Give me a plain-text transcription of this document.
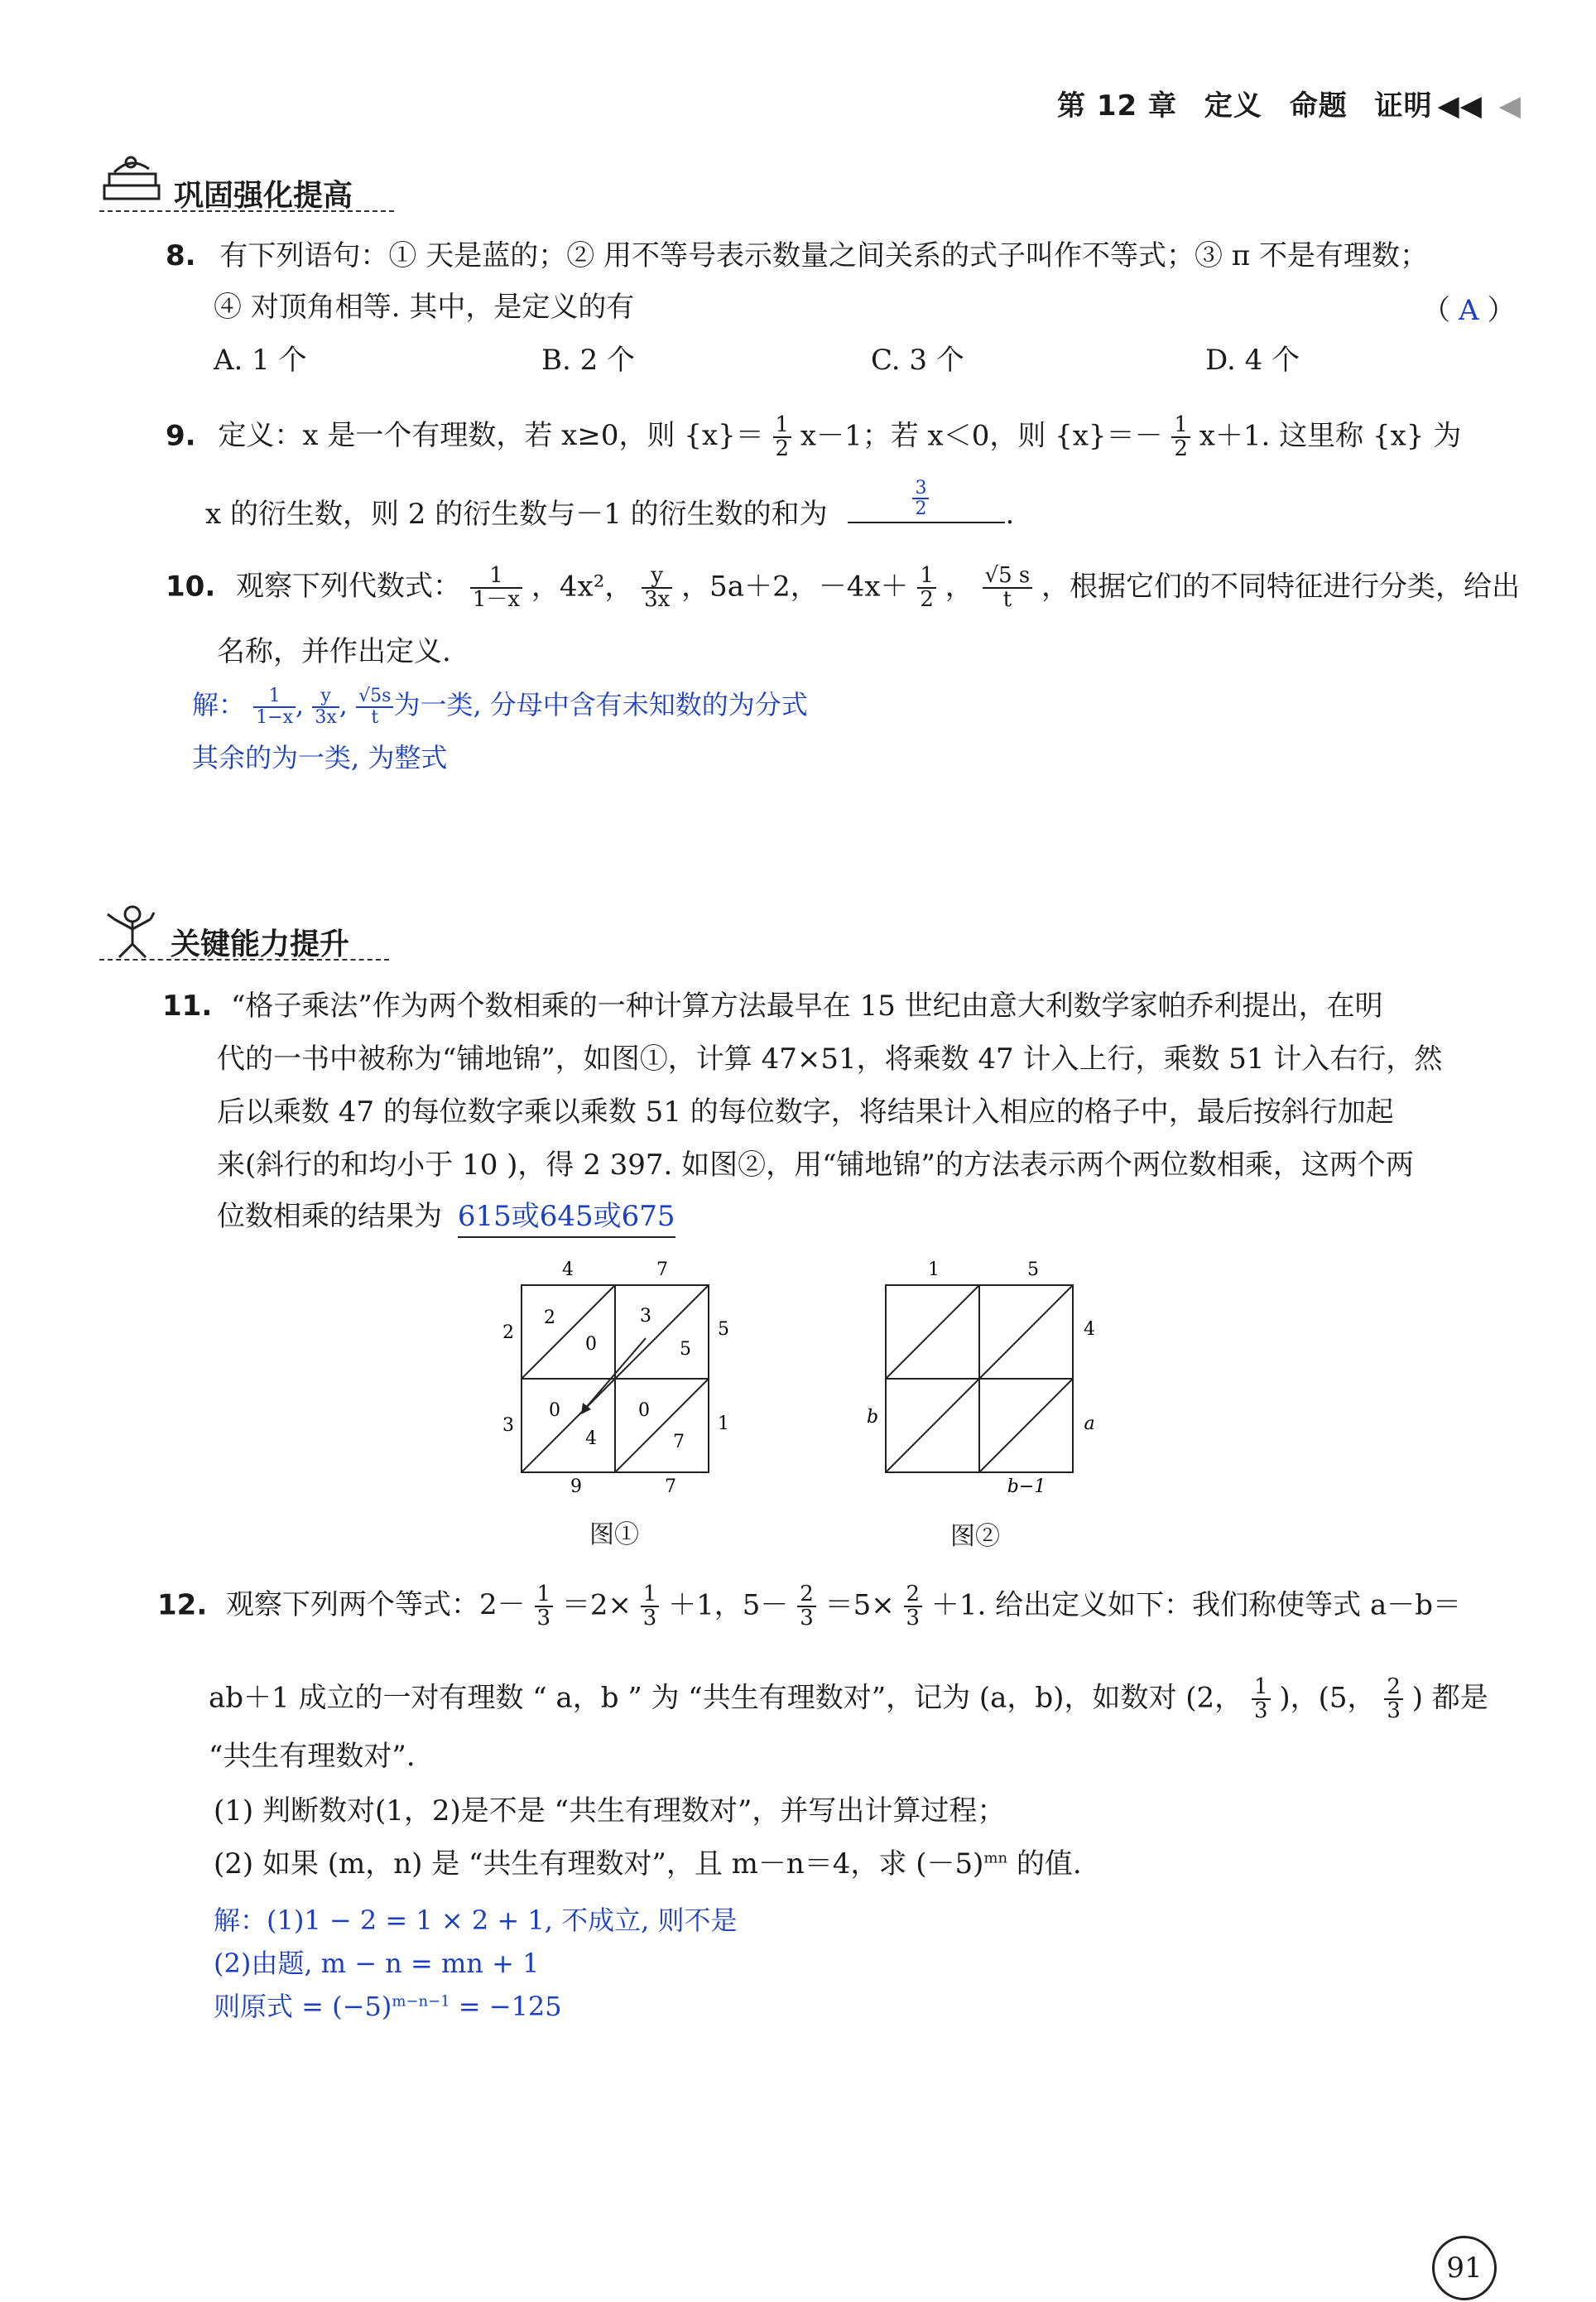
第 12 章 定义 命题 证明 ◀◀ ◀
巩固强化提高
8. 有下列语句：① 天是蓝的；② 用不等号表示数量之间关系的式子叫作不等式；③ π 不是有理数；
④ 对顶角相等. 其中，是定义的有	（ A ）
A. 1 个	B. 2 个	C. 3 个	D. 4 个
9. 定义：x 是一个有理数，若 x≥0，则 $\{x\}= \frac{1}{2} x-1$；若 x＜0，则 $\{x\}=- \frac{1}{2} x+1$. 这里称 {x} 为
x 的衍生数，则 2 的衍生数与－1 的衍生数的和为	$\frac{3}{2}$	.
10. 观察下列代数式： $\frac{1}{1-x}$ ，4x²， $\frac{y}{3x}$ ，5a＋2，$-4x+ \frac{1}{2}$ ， $\frac{√5 s}{t}$ ，根据它们的不同特征进行分类，给出
名称，并作出定义.
解： $\frac{1}{1-x}$ , $\frac{y}{3x}$ , $\frac{√5s}{t}$ 为一类, 分母中含有未知数的为分式
其余的为一类, 为整式
关键能力提升
11. “格子乘法”作为两个数相乘的一种计算方法最早在 15 世纪由意大利数学家帕乔利提出，在明
代的一书中被称为“铺地锦”，如图①，计算 47×51，将乘数 47 计入上行，乘数 51 计入右行，然
后以乘数 47 的每位数字乘以乘数 51 的每位数字，将结果计入相应的格子中，最后按斜行加起
来(斜行的和均小于 10 )，得 2 397. 如图②，用“铺地锦”的方法表示两个两位数相乘，这两个两
位数相乘的结果为 615或645或675
4	7
2
3
5
1
9	7
2
0
3
5
0
4
0
7
图①
1	5
4
a
b
b−1
图②
12. 观察下列两个等式：$2- \frac{1}{3} =2\times \frac{1}{3} +1$，$5- \frac{2}{3} =5\times \frac{2}{3} +1$. 给出定义如下：我们称使等式 a－b＝
ab＋1 成立的一对有理数 “ a，b ” 为 “共生有理数对”，记为 (a，b)，如数对 (2， $\frac{1}{3}$ )，(5， $\frac{2}{3}$ ) 都是
“共生有理数对”.
(1) 判断数对(1，2)是不是 “共生有理数对”，并写出计算过程；
(2) 如果 (m，n) 是 “共生有理数对”，且 m－n＝4，求 $(-5)^{mn}$ 的值.
解：(1)1 − 2 = 1 × 2 + 1, 不成立, 则不是
(2)由题, m − n = mn + 1
则原式 = $(-5)^{m-n-1} = -125$
91
